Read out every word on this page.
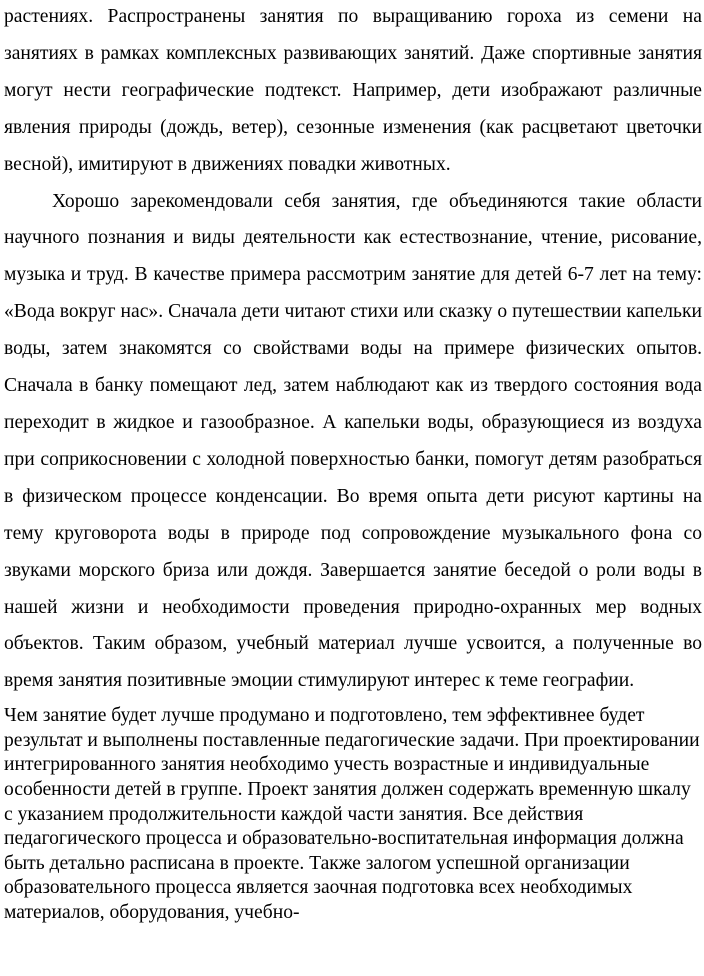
растениях. Распространены занятия по выращиванию гороха из семени на занятиях в рамках комплексных развивающих занятий. Даже спортивные занятия могут нести географические подтекст. Например, дети изображают различные явления природы (дождь, ветер), сезонные изменения (как расцветают цветочки весной), имитируют в движениях повадки животных.

Хорошо зарекомендовали себя занятия, где объединяются такие области научного познания и виды деятельности как естествознание, чтение, рисование, музыка и труд. В качестве примера рассмотрим занятие для детей 6-7 лет на тему: «Вода вокруг нас». Сначала дети читают стихи или сказку о путешествии капельки воды, затем знакомятся со свойствами воды на примере физических опытов. Сначала в банку помещают лед, затем наблюдают как из твердого состояния вода переходит в жидкое и газообразное. А капельки воды, образующиеся из воздуха при соприкосновении с холодной поверхностью банки, помогут детям разобраться в физическом процессе конденсации. Во время опыта дети рисуют картины на тему круговорота воды в природе под сопровождение музыкального фона со звуками морского бриза или дождя. Завершается занятие беседой о роли воды в нашей жизни и необходимости проведения природно-охранных мер водных объектов. Таким образом, учебный материал лучше усвоится, а полученные во время занятия позитивные эмоции стимулируют интерес к теме географии.

Чем занятие будет лучше продумано и подготовлено, тем эффективнее будет результат и выполнены поставленные педагогические задачи. При проектировании интегрированного занятия необходимо учесть возрастные и индивидуальные особенности детей в группе. Проект занятия должен содержать временную шкалу с указанием продолжительности каждой части занятия. Все действия педагогического процесса и образовательно-воспитательная информация должна быть детально расписана в проекте. Также залогом успешной организации образовательного процесса является заочная подготовка всех необходимых материалов, оборудования, учебно-
